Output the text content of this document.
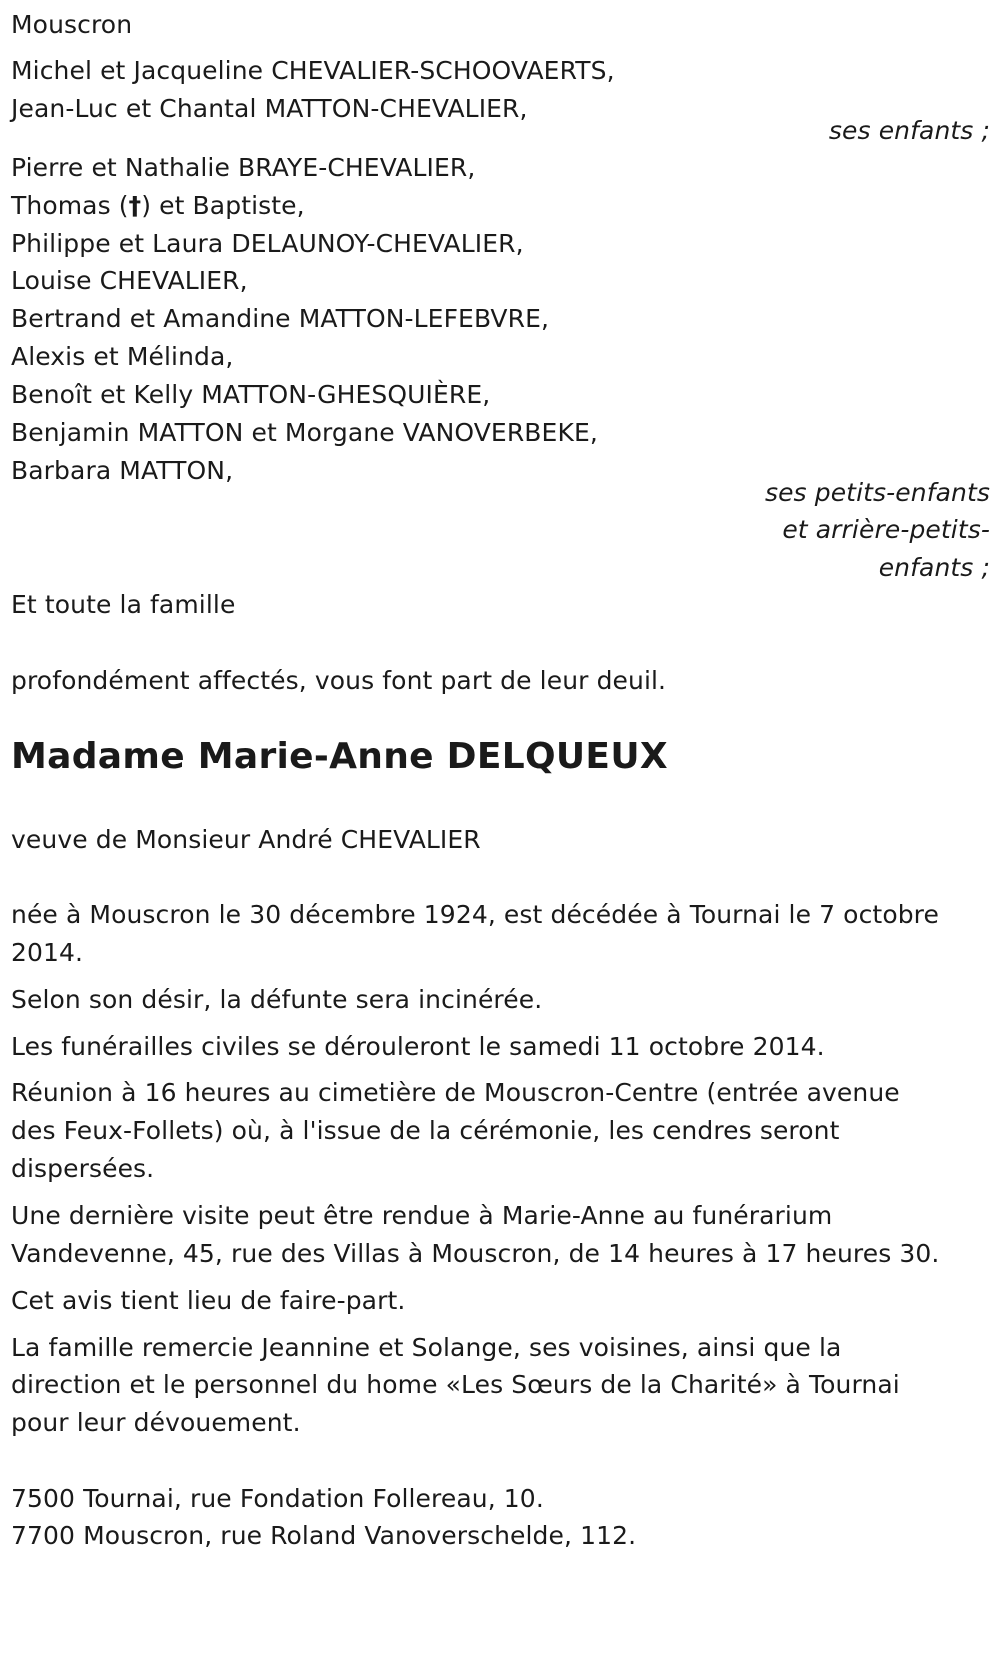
Mouscron
Michel et Jacqueline CHEVALIER-SCHOOVAERTS,
Jean-Luc et Chantal MATTON-CHEVALIER,
ses enfants ;
Pierre et Nathalie BRAYE-CHEVALIER,
Thomas (†) et Baptiste,
Philippe et Laura DELAUNOY-CHEVALIER,
Louise CHEVALIER,
Bertrand et Amandine MATTON-LEFEBVRE,
Alexis et Mélinda,
Benoît et Kelly MATTON-GHESQUIÈRE,
Benjamin MATTON et Morgane VANOVERBEKE,
Barbara MATTON,
ses petits-enfants
et arrière-petits-
enfants ;
Et toute la famille
profondément affectés, vous font part de leur deuil.
Madame Marie-Anne DELQUEUX
veuve de Monsieur André CHEVALIER
née à Mouscron le 30 décembre 1924, est décédée à Tournai le 7 octobre
2014.
Selon son désir, la défunte sera incinérée.
Les funérailles civiles se dérouleront le samedi 11 octobre 2014.
Réunion à 16 heures au cimetière de Mouscron-Centre (entrée avenue
des Feux-Follets) où, à l'issue de la cérémonie, les cendres seront
dispersées.
Une dernière visite peut être rendue à Marie-Anne au funérarium
Vandevenne, 45, rue des Villas à Mouscron, de 14 heures à 17 heures 30.
Cet avis tient lieu de faire-part.
La famille remercie Jeannine et Solange, ses voisines, ainsi que la
direction et le personnel du home «Les Sœurs de la Charité» à Tournai
pour leur dévouement.
7500 Tournai, rue Fondation Follereau, 10.
7700 Mouscron, rue Roland Vanoverschelde, 112.
